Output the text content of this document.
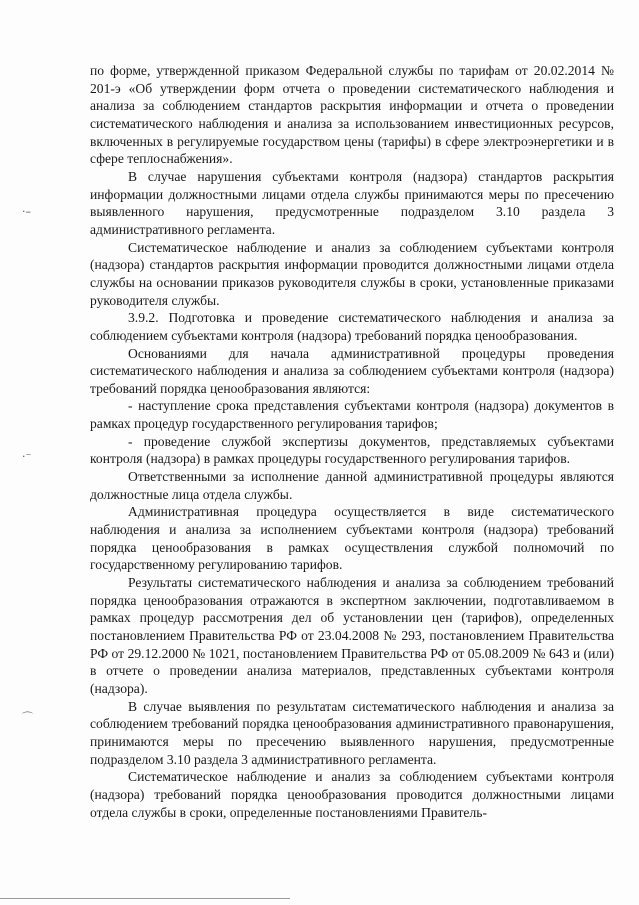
·–
·⁻
⌒

по форме, утвержденной приказом Федеральной службы по тарифам от 20.02.2014 № 201-э «Об утверждении форм отчета о проведении систематического наблюдения и анализа за соблюдением стандартов раскрытия информации и отчета о проведении систематического наблюдения и анализа за использованием инвестиционных ресурсов, включенных в регулируемые государством цены (тарифы) в сфере электроэнергетики и в сфере теплоснабжения».

В случае нарушения субъектами контроля (надзора) стандартов раскрытия информации должностными лицами отдела службы принимаются меры по пресечению выявленного нарушения, предусмотренные подразделом 3.10 раздела 3 административного регламента.

Систематическое наблюдение и анализ за соблюдением субъектами контроля (надзора) стандартов раскрытия информации проводится должностными лицами отдела службы на основании приказов руководителя службы в сроки, установленные приказами руководителя службы.

3.9.2. Подготовка и проведение систематического наблюдения и анализа за соблюдением субъектами контроля (надзора) требований порядка ценообразования.

Основаниями для начала административной процедуры проведения систематического наблюдения и анализа за соблюдением субъектами контроля (надзора) требований порядка ценообразования являются:

- наступление срока представления субъектами контроля (надзора) документов в рамках процедур государственного регулирования тарифов;

- проведение службой экспертизы документов, представляемых субъектами контроля (надзора) в рамках процедуры государственного регулирования тарифов.

Ответственными за исполнение данной административной процедуры являются должностные лица отдела службы.

Административная процедура осуществляется в виде систематического наблюдения и анализа за исполнением субъектами контроля (надзора) требований порядка ценообразования в рамках осуществления службой полномочий по государственному регулированию тарифов.

Результаты систематического наблюдения и анализа за соблюдением требований порядка ценообразования отражаются в экспертном заключении, подготавливаемом в рамках процедур рассмотрения дел об установлении цен (тарифов), определенных постановлением Правительства РФ от 23.04.2008 № 293, постановлением Правительства РФ от 29.12.2000 № 1021, постановлением Правительства РФ от 05.08.2009 № 643 и (или) в отчете о проведении анализа материалов, представленных субъектами контроля (надзора).

В случае выявления по результатам систематического наблюдения и анализа за соблюдением требований порядка ценообразования административного правонарушения, принимаются меры по пресечению выявленного нарушения, предусмотренные подразделом 3.10 раздела 3 административного регламента.

Систематическое наблюдение и анализ за соблюдением субъектами контроля (надзора) требований порядка ценообразования проводится должностными лицами отдела службы в сроки, определенные постановлениями Правитель-
